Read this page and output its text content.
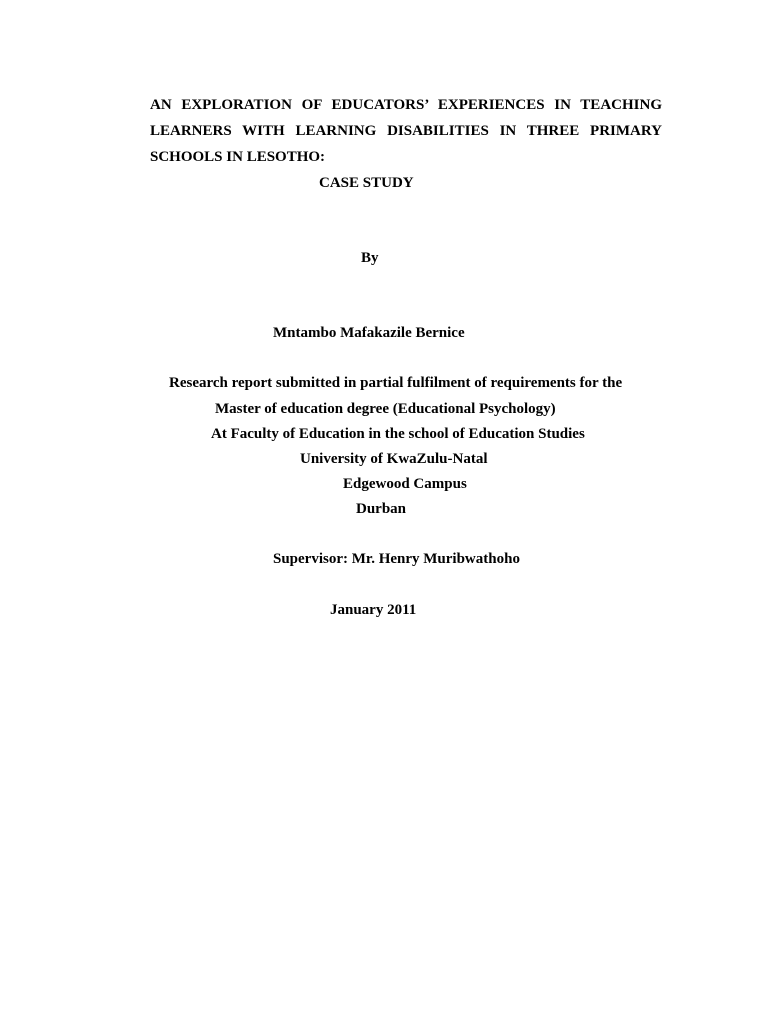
AN EXPLORATION OF EDUCATORS’ EXPERIENCES IN TEACHING
LEARNERS WITH LEARNING DISABILITIES IN THREE PRIMARY
SCHOOLS IN LESOTHO:
CASE STUDY
By
Mntambo Mafakazile Bernice
Research report submitted in partial fulfilment of requirements for the
Master of education degree (Educational Psychology)
At Faculty of Education in the school of Education Studies
University of KwaZulu-Natal
Edgewood Campus
Durban
Supervisor: Mr. Henry Muribwathoho
January 2011
